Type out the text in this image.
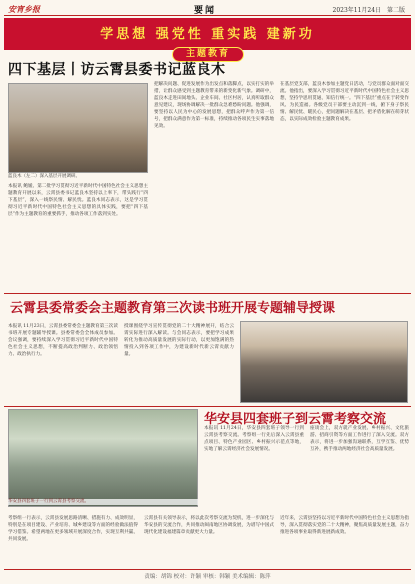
安宵乡报	要闻	2023年11月24日 第二版
学思想 强党性 重实践 建新功
主题教育
四下基层丨访云霄县委书记蓝良木
蓝良木（左二）深入基层开展调研。
本报讯 鲍媛、第二批学习贯彻习近平新时代中国特色社会主义思想主题教育开展以来，云霄县委书记蓝良木坚持以上率下，带头践行“四下基层”，深入一线察民情、解民忧。蓝良木同志表示，这是学习贯彻习近平新时代中国特色社会主义思想的具体实践，要把“四下基层”作为主题教育的重要抓手，推动各项工作落到实处。
把解决问题、促进发展作为出发点和落脚点，以实打实的举措，让群众感受到主题教育带来的新变化新气象。调研中，蓝良木走进田间地头、企业车间、社区村居，认真听取群众意见建议，现场协调解决一批群众急难愁盼问题。他强调，要坚持以人民为中心的发展思想，把群众呼声作为第一信号，把群众满意作为第一标准，持续推动各项民生实事落地见效。
在基层党支部，蓝良木参加主题党日活动，与党员群众面对面交流。他指出，要深入学习贯彻习近平新时代中国特色社会主义思想，坚持学思用贯通、知信行统一。“四下基层”重点在于转变作风、为民造福。各级党员干部要主动沉到一线，俯下身子察民情、解民忧、暖民心，把问题解决在基层、把矛盾化解在萌芽状态，以实际成效检验主题教育成果。
云霄县委常委会主题教育第三次读书班开展专题辅导授课
本报讯 11月23日，云霄县委常委会主题教育第三次读书班开展专题辅导授课。县委常委会全体成员参加。会议强调，要持续深入学习贯彻习近平新时代中国特色社会主义思想，不断提高政治判断力、政治领悟力、政治执行力。
授课围绕学习宣传贯彻党的二十大精神展开，结合云霄实际进行深入解读。与会同志表示，要把学习成果转化为推动高质量发展的实际行动，以更加饱满的热情投入到各项工作中，为建设新时代新云霄贡献力量。
华安县四套班子一行到云霄县考察交流。
华安县四套班子到云霄考察交流
本报讯 11月24日，华安县四套班子领导一行到云霄县考察交流。考察组一行先后深入云霄县重点项目、特色产业园区、乡村振兴示范点等地，实地了解云霄经济社会发展情况。
座谈会上，双方就产业发展、乡村振兴、文化旅游、招商引资等方面工作进行了深入交流。双方表示，将进一步加强沟通联系，互学互鉴、优势互补，携手推动两地经济社会高质量发展。
考察组一行表示，云霄县发展思路清晰、措施有力、成效明显，特别是在项目建设、产业培育、城乡建设等方面的经验做法值得学习借鉴。希望两地在更多领域开展深度合作，实现互利共赢、共同发展。
云霄县有关领导表示，将以此次考察交流为契机，进一步深化与华安县的交流合作，共同推动闽南地区协调发展，为谱写中国式现代化建设福建篇章贡献更大力量。
近年来，云霄县坚持以习近平新时代中国特色社会主义思想为指导，深入贯彻落实党的二十大精神，聚焦高质量发展主题，奋力推进各项事业取得新进展新成效。
责编：胡锦 校对：许颖 审核：韩颖 美术编辑：陈萍
